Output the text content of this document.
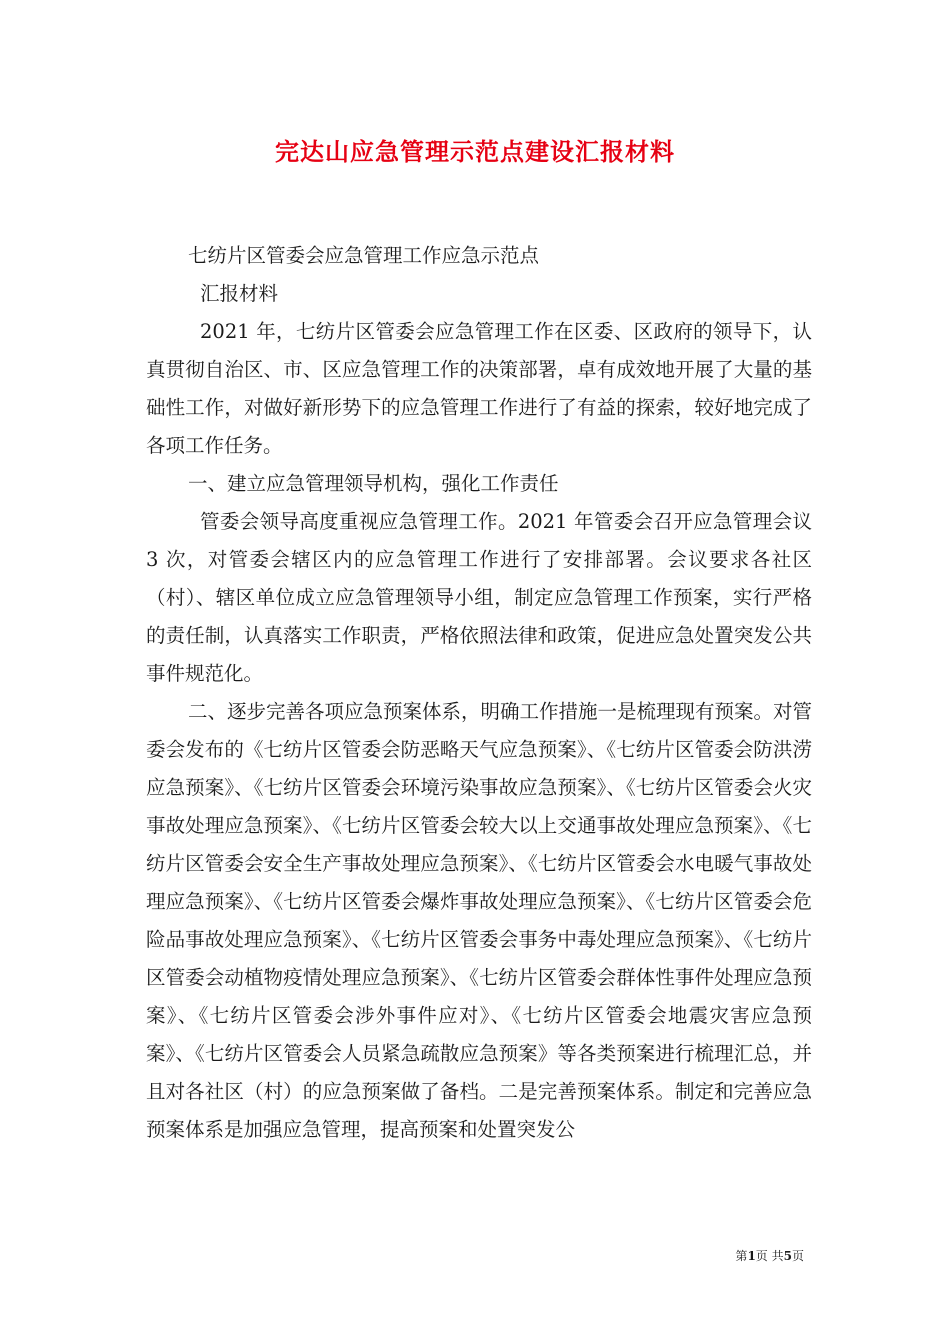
完达山应急管理示范点建设汇报材料

七纺片区管委会应急管理工作应急示范点

汇报材料

2021 年，七纺片区管委会应急管理工作在区委、区政府的领导下，认真贯彻自治区、市、区应急管理工作的决策部署，卓有成效地开展了大量的基础性工作，对做好新形势下的应急管理工作进行了有益的探索，较好地完成了各项工作任务。

一、建立应急管理领导机构，强化工作责任

管委会领导高度重视应急管理工作。2021 年管委会召开应急管理会议 3 次，对管委会辖区内的应急管理工作进行了安排部署。会议要求各社区（村）、辖区单位成立应急管理领导小组，制定应急管理工作预案，实行严格的责任制，认真落实工作职责，严格依照法律和政策，促进应急处置突发公共事件规范化。

二、逐步完善各项应急预案体系，明确工作措施一是梳理现有预案。对管委会发布的《七纺片区管委会防恶略天气应急预案》、《七纺片区管委会防洪涝应急预案》、《七纺片区管委会环境污染事故应急预案》、《七纺片区管委会火灾事故处理应急预案》、《七纺片区管委会较大以上交通事故处理应急预案》、《七纺片区管委会安全生产事故处理应急预案》、《七纺片区管委会水电暖气事故处理应急预案》、《七纺片区管委会爆炸事故处理应急预案》、《七纺片区管委会危险品事故处理应急预案》、《七纺片区管委会事务中毒处理应急预案》、《七纺片区管委会动植物疫情处理应急预案》、《七纺片区管委会群体性事件处理应急预案》、《七纺片区管委会涉外事件应对》、《七纺片区管委会地震灾害应急预案》、《七纺片区管委会人员紧急疏散应急预案》等各类预案进行梳理汇总，并且对各社区（村）的应急预案做了备档。二是完善预案体系。制定和完善应急预案体系是加强应急管理，提高预案和处置突发公

第1页 共5页
